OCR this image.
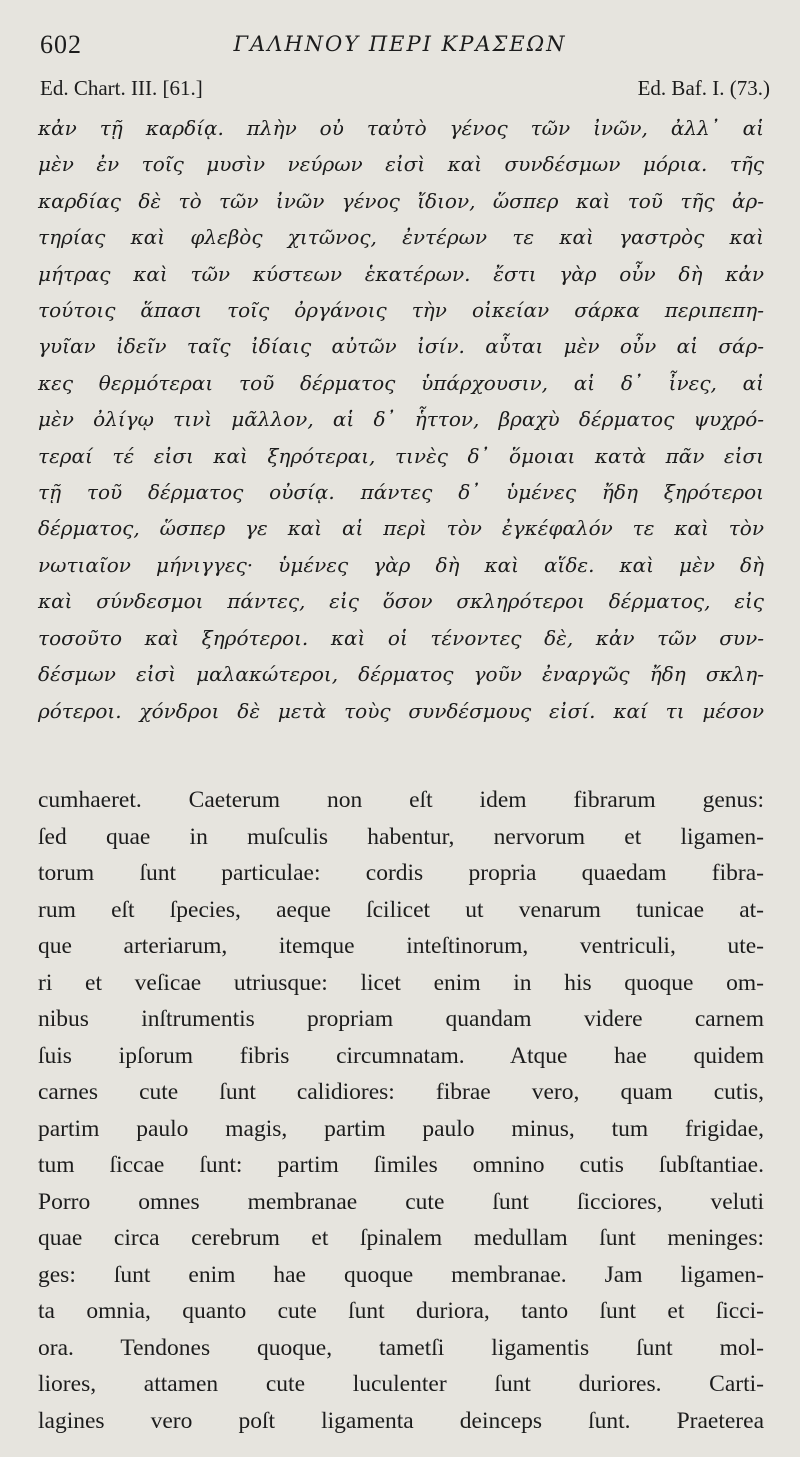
602	ΓΑΛΗΝΟΥ ΠΕΡΙ ΚΡΑΣΕΩΝ
Ed. Chart. III. [61.]	Ed. Baf. I. (73.)
κἀν τῇ καρδίᾳ. πλὴν οὐ ταὐτὸ γένος τῶν ἰνῶν, ἀλλ᾽ αἱ
μὲν ἐν τοῖς μυσὶν νεύρων εἰσὶ καὶ συνδέσμων μόρια. τῆς
καρδίας δὲ τὸ τῶν ἰνῶν γένος ἴδιον, ὥσπερ καὶ τοῦ τῆς ἀρ-
τηρίας καὶ φλεβὸς χιτῶνος, ἐντέρων τε καὶ γαστρὸς καὶ
μήτρας καὶ τῶν κύστεων ἑκατέρων. ἔστι γὰρ οὖν δὴ κἀν
τούτοις ἅπασι τοῖς ὀργάνοις τὴν οἰκείαν σάρκα περιπεπη-
γυῖαν ἰδεῖν ταῖς ἰδίαις αὐτῶν ἰσίν. αὗται μὲν οὖν αἱ σάρ-
κες θερμότεραι τοῦ δέρματος ὑπάρχουσιν, αἱ δ᾽ ἶνες, αἱ
μὲν ὀλίγῳ τινὶ μᾶλλον, αἱ δ᾽ ἧττον, βραχὺ δέρματος ψυχρό-
τεραί τέ εἰσι καὶ ξηρότεραι, τινὲς δ᾽ ὅμοιαι κατὰ πᾶν εἰσι
τῇ τοῦ δέρματος οὐσίᾳ. πάντες δ᾽ ὑμένες ἤδη ξηρότεροι
δέρματος, ὥσπερ γε καὶ αἱ περὶ τὸν ἐγκέφαλόν τε καὶ τὸν
νωτιαῖον μήνιγγες· ὑμένες γὰρ δὴ καὶ αἵδε. καὶ μὲν δὴ
καὶ σύνδεσμοι πάντες, εἰς ὅσον σκληρότεροι δέρματος, εἰς
τοσοῦτο καὶ ξηρότεροι. καὶ οἱ τένοντες δὲ, κἀν τῶν συν-
δέσμων εἰσὶ μαλακώτεροι, δέρματος γοῦν ἐναργῶς ἤδη σκλη-
ρότεροι. χόνδροι δὲ μετὰ τοὺς συνδέσμους εἰσί. καί τι μέσον
cumhaeret. Caeterum non eſt idem fibrarum genus:
ſed quae in muſculis habentur, nervorum et ligamen-
torum ſunt particulae: cordis propria quaedam fibra-
rum eſt ſpecies, aeque ſcilicet ut venarum tunicae at-
que arteriarum, itemque inteſtinorum, ventriculi, ute-
ri et veſicae utriusque: licet enim in his quoque om-
nibus inſtrumentis propriam quandam videre carnem
ſuis ipſorum fibris circumnatam. Atque hae quidem
carnes cute ſunt calidiores: fibrae vero, quam cutis,
partim paulo magis, partim paulo minus, tum frigidae,
tum ſiccae ſunt: partim ſimiles omnino cutis ſubſtantiae.
Porro omnes membranae cute ſunt ſicciores, veluti
quae circa cerebrum et ſpinalem medullam ſunt meninges:
ges: ſunt enim hae quoque membranae. Jam ligamen-
ta omnia, quanto cute ſunt duriora, tanto ſunt et ſicci-
ora. Tendones quoque, tametſi ligamentis ſunt mol-
liores, attamen cute luculenter ſunt duriores. Carti-
lagines vero poſt ligamenta deinceps ſunt. Praeterea
